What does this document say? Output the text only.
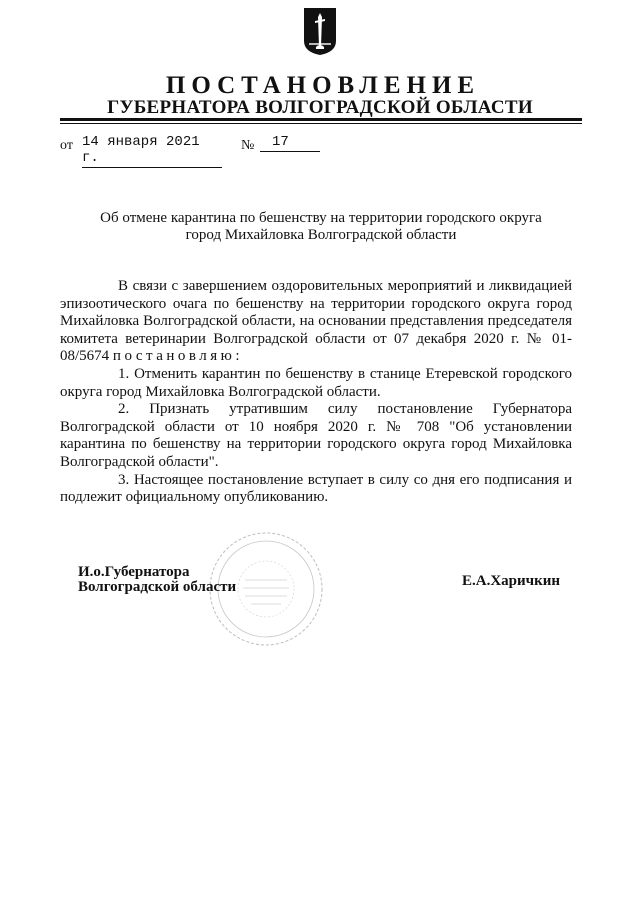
ПОСТАНОВЛЕНИЕ
ГУБЕРНАТОРА ВОЛГОГРАДСКОЙ ОБЛАСТИ
от 14 января 2021 г.
№	17
Об отмене карантина по бешенству на территории городского округа
город Михайловка Волгоградской области

В связи с завершением оздоровительных мероприятий и ликвидацией эпизоотического очага по бешенству на территории городского округа город Михайловка Волгоградской области, на основании представления председателя комитета ветеринарии Волгоградской области от 07 декабря 2020 г. № 01-08/5674 постановляю:

1. Отменить карантин по бешенству в станице Етеревской городского округа город Михайловка Волгоградской области.

2. Признать утратившим силу постановление Губернатора Волгоградской области от 10 ноября 2020 г. № 708 "Об установлении карантина по бешенству на территории городского округа город Михайловка Волгоградской области".

3. Настоящее постановление вступает в силу со дня его подписания и подлежит официальному опубликованию.

И.о.Губернатора
Волгоградской области	Е.А.Харичкин
